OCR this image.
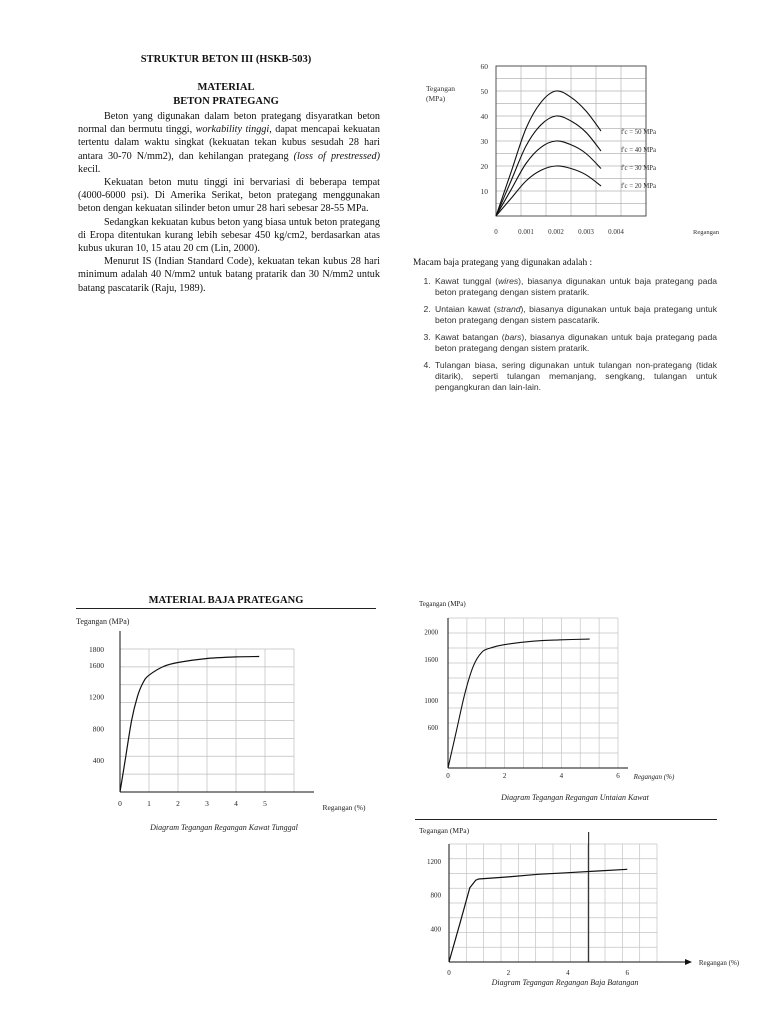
STRUKTUR BETON III (HSKB-503)
MATERIAL
BETON PRATEGANG

Beton yang digunakan dalam beton prategang disyaratkan beton normal dan bermutu tinggi, workability tinggi, dapat mencapai kekuatan tertentu dalam waktu singkat (kekuatan tekan kubus sesudah 28 hari antara 30-70 N/mm2), dan kehilangan prategang (loss of prestressed) kecil.

Kekuatan beton mutu tinggi ini bervariasi di beberapa tempat (4000-6000 psi). Di Amerika Serikat, beton prategang menggunakan beton dengan kekuatan silinder beton umur 28 hari sebesar 28-55 MPa.

Sedangkan kekuatan kubus beton yang biasa untuk beton prategang di Eropa ditentukan kurang lebih sebesar 450 kg/cm2, berdasarkan atas kubus ukuran 10, 15 atau 20 cm (Lin, 2000).

Menurut IS (Indian Standard Code), kekuatan tekan kubus 28 hari minimum adalah 40 N/mm2 untuk batang pratarik dan 30 N/mm2 untuk batang pascatarik (Raju, 1989).

Tegangan
(MPa)
10
20
30
40
50
60
0	0.001 0.002 0.003 0.004	Regangan
f'c = 50 MPa
f'c = 40 MPa
f'c = 30 MPa
f'c = 20 MPa
Macam baja prategang yang digunakan adalah :
1. Kawat tunggal (wires), biasanya digunakan untuk baja prategang pada beton prategang dengan sistem pratarik.
2. Untaian kawat (strand), biasanya digunakan untuk baja prategang untuk beton prategang dengan sistem pascatarik.
3. Kawat batangan (bars), biasanya digunakan untuk baja prategang pada beton prategang dengan sistem pratarik.
4. Tulangan biasa, sering digunakan untuk tulangan non-prategang (tidak ditarik), seperti tulangan memanjang, sengkang, tulangan untuk pengangkuran dan lain-lain.
MATERIAL BAJA PRATEGANG
Tegangan (MPa)
400
800
1200
1600
1800
0	1	2	3	4	5	Regangan (%)
Diagram Tegangan Regangan Kawat Tunggal
Tegangan (MPa)
600
1000
1600
2000
0	2	4	6 Regangan (%)
Diagram Tegangan Regangan Untaian Kawat
Tegangan (MPa)
400
800
1200
0	2	4	6
Regangan (%)
Diagram Tegangan Regangan Baja Batangan
